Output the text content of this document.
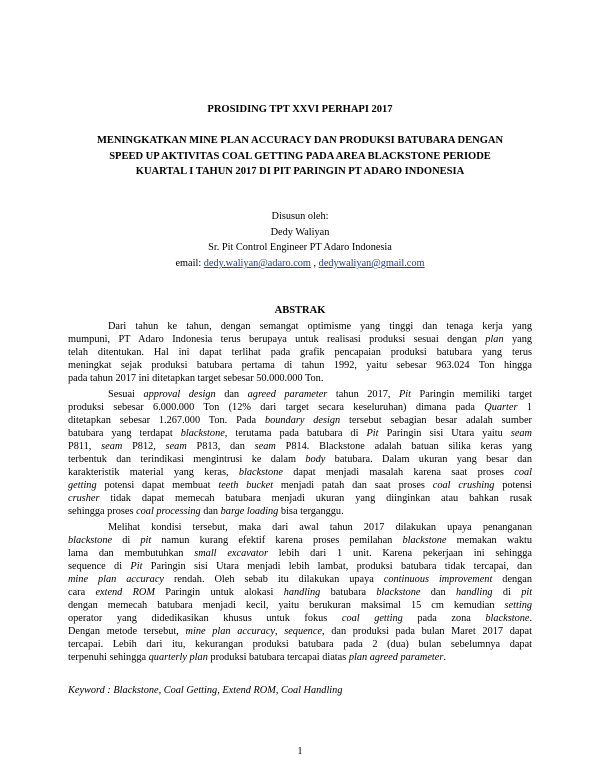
PROSIDING TPT XXVI PERHAPI 2017
MENINGKATKAN MINE PLAN ACCURACY DAN PRODUKSI BATUBARA DENGAN
SPEED UP AKTIVITAS COAL GETTING PADA AREA BLACKSTONE PERIODE
KUARTAL I TAHUN 2017 DI PIT PARINGIN PT ADARO INDONESIA
Disusun oleh:
Dedy Waliyan
Sr. Pit Control Engineer PT Adaro Indonesia
email: dedy.waliyan@adaro.com , dedywaliyan@gmail.com
ABSTRAK
Dari tahun ke tahun, dengan semangat optimisme yang tinggi dan tenaga kerja yang
mumpuni, PT Adaro Indonesia terus berupaya untuk realisasi produksi sesuai dengan plan yang
telah ditentukan. Hal ini dapat terlihat pada grafik pencapaian produksi batubara yang terus
meningkat sejak produksi batubara pertama di tahun 1992, yaitu sebesar 963.024 Ton hingga
pada tahun 2017 ini ditetapkan target sebesar 50.000.000 Ton.
Sesuai approval design dan agreed parameter tahun 2017, Pit Paringin memiliki target
produksi sebesar 6.000.000 Ton (12% dari target secara keseluruhan) dimana pada Quarter 1
ditetapkan sebesar 1.267.000 Ton. Pada boundary design tersebut sebagian besar adalah sumber
batubara yang terdapat blackstone, terutama pada batubara di Pit Paringin sisi Utara yaitu seam
P811, seam P812, seam P813, dan seam P814. Blackstone adalah batuan silika keras yang
terbentuk dan terindikasi mengintrusi ke dalam body batubara. Dalam ukuran yang besar dan
karakteristik material yang keras, blackstone dapat menjadi masalah karena saat proses coal
getting potensi dapat membuat teeth bucket menjadi patah dan saat proses coal crushing potensi
crusher tidak dapat memecah batubara menjadi ukuran yang diinginkan atau bahkan rusak
sehingga proses coal processing dan barge loading bisa terganggu.
Melihat kondisi tersebut, maka dari awal tahun 2017 dilakukan upaya penanganan
blackstone di pit namun kurang efektif karena proses pemilahan blackstone memakan waktu
lama dan membutuhkan small excavator lebih dari 1 unit. Karena pekerjaan ini sehingga
sequence di Pit Paringin sisi Utara menjadi lebih lambat, produksi batubara tidak tercapai, dan
mine plan accuracy rendah. Oleh sebab itu dilakukan upaya continuous improvement dengan
cara extend ROM Paringin untuk alokasi handling batubara blackstone dan handling di pit
dengan memecah batubara menjadi kecil, yaitu berukuran maksimal 15 cm kemudian setting
operator yang didedikasikan khusus untuk fokus coal getting pada zona blackstone.
Dengan metode tersebut, mine plan accuracy, sequence, dan produksi pada bulan Maret 2017 dapat
tercapai. Lebih dari itu, kekurangan produksi batubara pada 2 (dua) bulan sebelumnya dapat
terpenuhi sehingga quarterly plan produksi batubara tercapai diatas plan agreed parameter.
Keyword : Blackstone, Coal Getting, Extend ROM, Coal Handling
1
